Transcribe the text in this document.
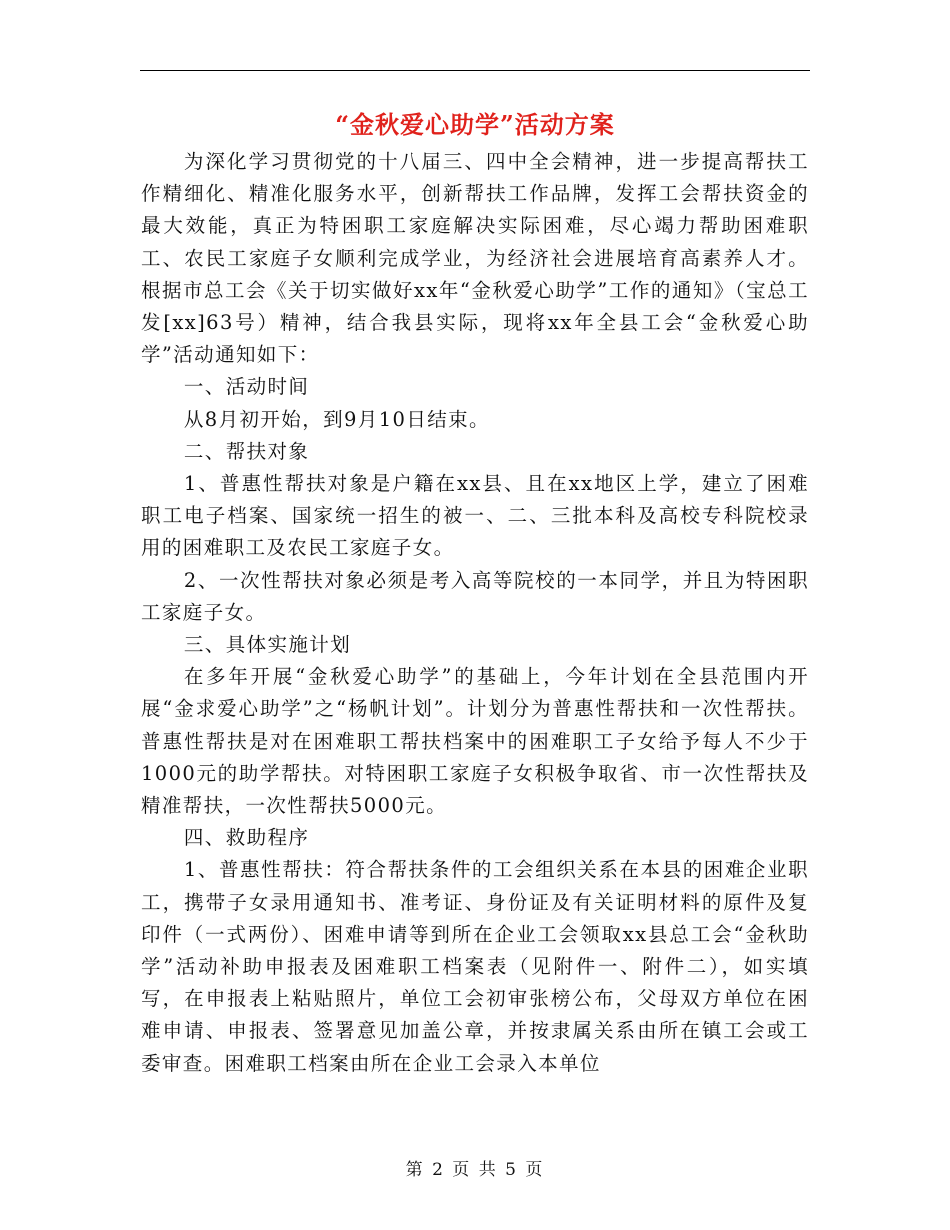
“金秋爱心助学”活动方案

为深化学习贯彻党的十八届三、四中全会精神，进一步提高帮扶工作精细化、精准化服务水平，创新帮扶工作品牌，发挥工会帮扶资金的最大效能，真正为特困职工家庭解决实际困难，尽心竭力帮助困难职工、农民工家庭子女顺利完成学业，为经济社会进展培育高素养人才。根据市总工会《关于切实做好xx年“金秋爱心助学”工作的通知》（宝总工发[xx]63号）精神，结合我县实际，现将xx年全县工会“金秋爱心助学”活动通知如下：

一、活动时间

从8月初开始，到9月10日结束。

二、帮扶对象

1、普惠性帮扶对象是户籍在xx县、且在xx地区上学，建立了困难职工电子档案、国家统一招生的被一、二、三批本科及高校专科院校录用的困难职工及农民工家庭子女。

2、一次性帮扶对象必须是考入高等院校的一本同学，并且为特困职工家庭子女。

三、具体实施计划

在多年开展“金秋爱心助学”的基础上，今年计划在全县范围内开展“金求爱心助学”之“杨帆计划”。计划分为普惠性帮扶和一次性帮扶。普惠性帮扶是对在困难职工帮扶档案中的困难职工子女给予每人不少于1000元的助学帮扶。对特困职工家庭子女积极争取省、市一次性帮扶及精准帮扶，一次性帮扶5000元。

四、救助程序

1、普惠性帮扶：符合帮扶条件的工会组织关系在本县的困难企业职工，携带子女录用通知书、准考证、身份证及有关证明材料的原件及复印件（一式两份）、困难申请等到所在企业工会领取xx县总工会“金秋助学”活动补助申报表及困难职工档案表（见附件一、附件二），如实填写，在申报表上粘贴照片，单位工会初审张榜公布，父母双方单位在困难申请、申报表、签署意见加盖公章，并按隶属关系由所在镇工会或工委审查。困难职工档案由所在企业工会录入本单位

第 2 页 共 5 页
